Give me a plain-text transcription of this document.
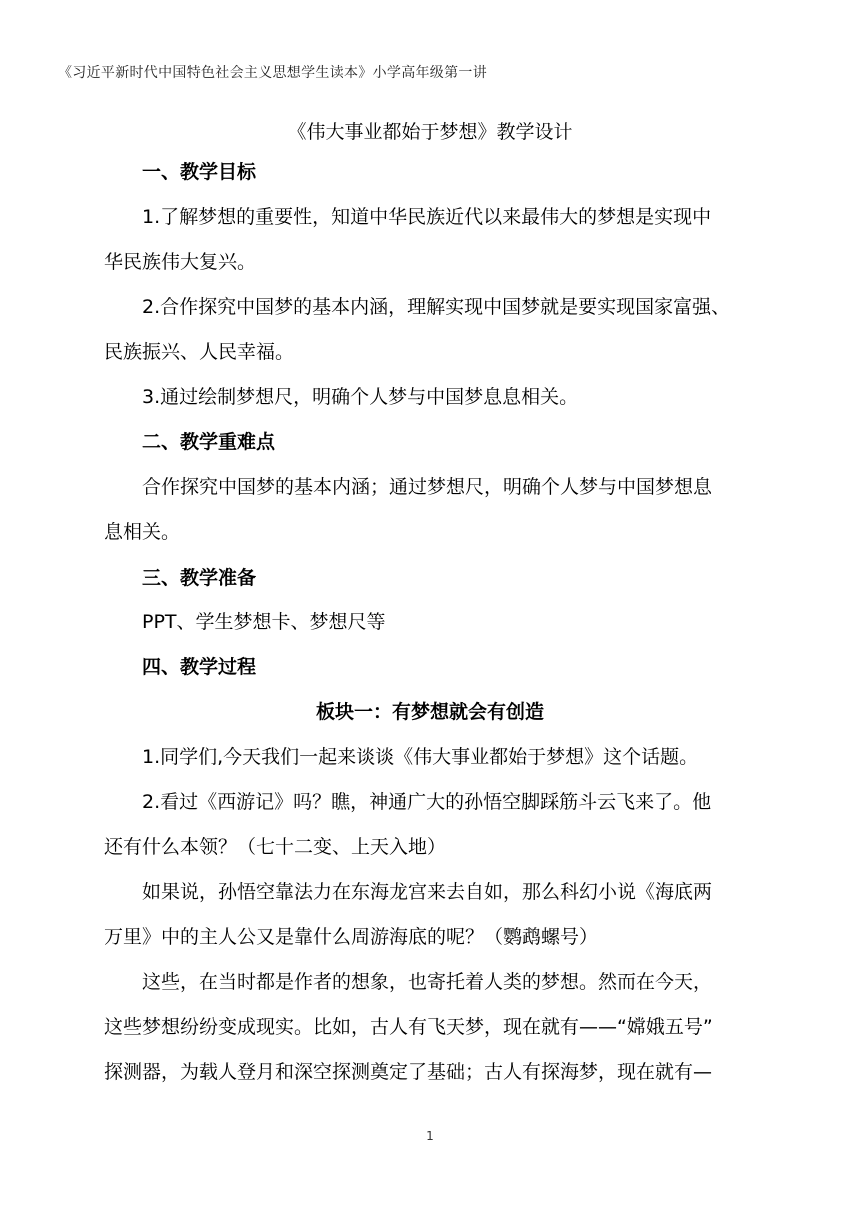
《习近平新时代中国特色社会主义思想学生读本》小学高年级第一讲
《伟大事业都始于梦想》教学设计
一、教学目标
1.了解梦想的重要性，知道中华民族近代以来最伟大的梦想是实现中
华民族伟大复兴。
2.合作探究中国梦的基本内涵，理解实现中国梦就是要实现国家富强、
民族振兴、人民幸福。
3.通过绘制梦想尺，明确个人梦与中国梦息息相关。
二、教学重难点
合作探究中国梦的基本内涵；通过梦想尺，明确个人梦与中国梦想息
息相关。
三、教学准备
PPT、学生梦想卡、梦想尺等
四、教学过程
板块一：有梦想就会有创造
1.同学们,今天我们一起来谈谈《伟大事业都始于梦想》这个话题。
2.看过《西游记》吗？瞧，神通广大的孙悟空脚踩筋斗云飞来了。他
还有什么本领？（七十二变、上天入地）
如果说，孙悟空靠法力在东海龙宫来去自如，那么科幻小说《海底两
万里》中的主人公又是靠什么周游海底的呢？（鹦鹉螺号）
这些，在当时都是作者的想象，也寄托着人类的梦想。然而在今天，
这些梦想纷纷变成现实。比如，古人有飞天梦，现在就有——“嫦娥五号”
探测器，为载人登月和深空探测奠定了基础；古人有探海梦，现在就有—
1
